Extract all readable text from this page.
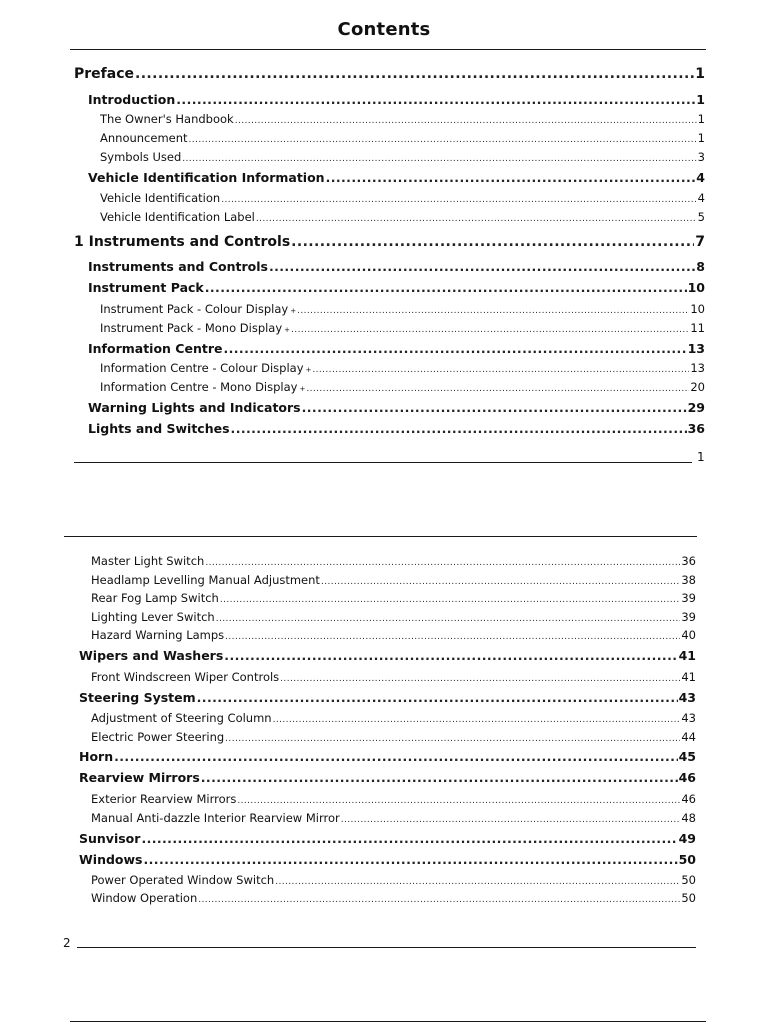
Contents
Preface .....	1
Introduction .....	1
The Owner's Handbook .....	1
Announcement .....	1
Symbols Used .....	3
Vehicle Identification Information .....	4
Vehicle Identification .....	4
Vehicle Identification Label .....	5
1 Instruments and Controls .....	7
Instruments and Controls .....	8
Instrument Pack .....	10
Instrument Pack - Colour Display + .....	10
Instrument Pack - Mono Display + .....	11
Information Centre .....	13
Information Centre - Colour Display + .....	13
Information Centre - Mono Display + .....	20
Warning Lights and Indicators .....	29
Lights and Switches .....	36
1
Master Light Switch .....	36
Headlamp Levelling Manual Adjustment .....	38
Rear Fog Lamp Switch .....	39
Lighting Lever Switch .....	39
Hazard Warning Lamps .....	40
Wipers and Washers .....	41
Front Windscreen Wiper Controls .....	41
Steering System .....	43
Adjustment of Steering Column .....	43
Electric Power Steering .....	44
Horn .....	45
Rearview Mirrors .....	46
Exterior Rearview Mirrors .....	46
Manual Anti-dazzle Interior Rearview Mirror .....	48
Sunvisor .....	49
Windows .....	50
Power Operated Window Switch .....	50
Window Operation .....	50
2
